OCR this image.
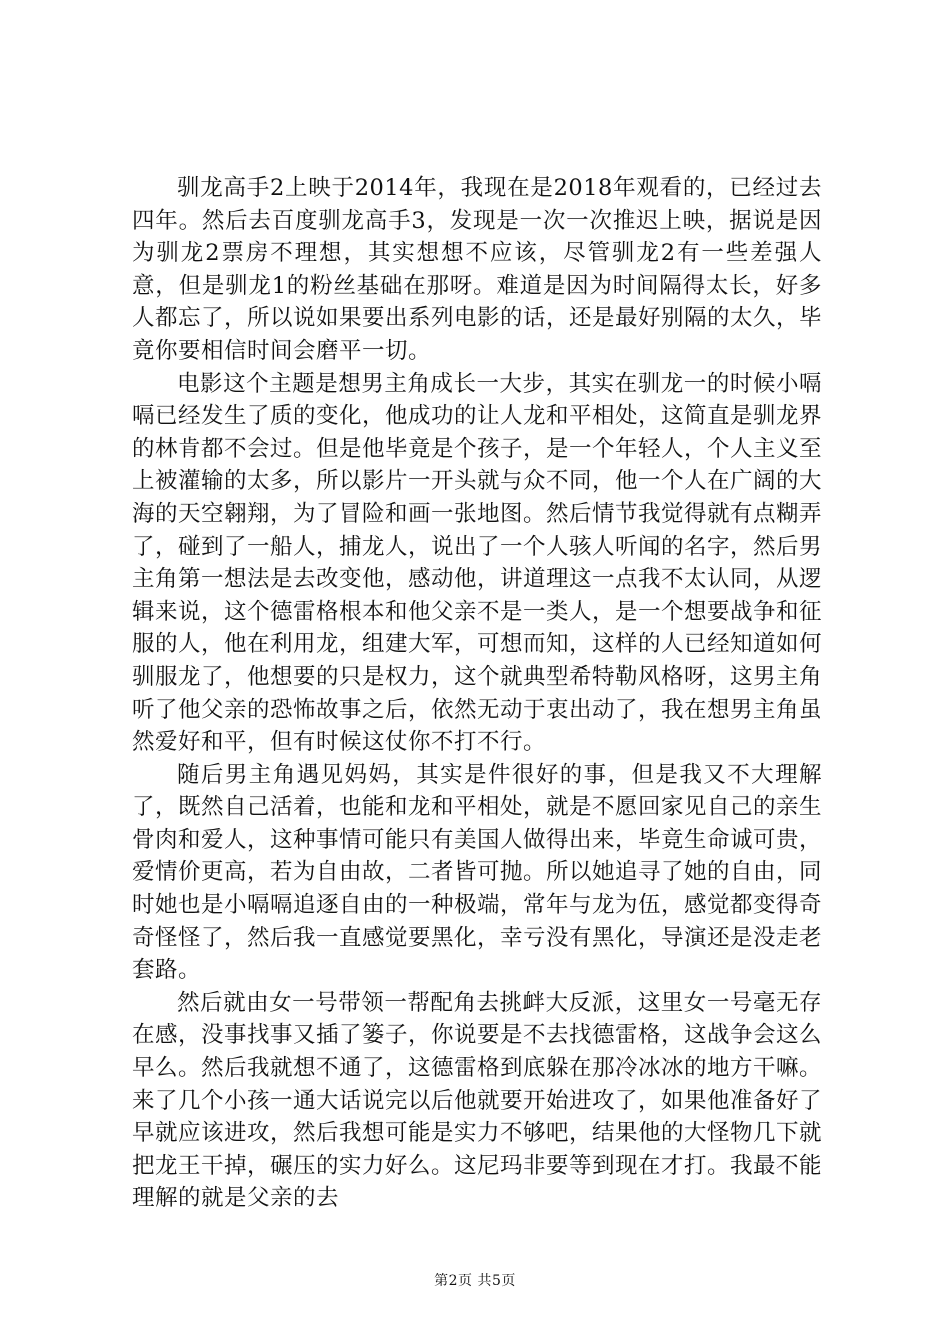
驯龙高手2上映于2014年，我现在是2018年观看的，已经过去四年。然后去百度驯龙高手3，发现是一次一次推迟上映，据说是因为驯龙2票房不理想，其实想想不应该，尽管驯龙2有一些差强人意，但是驯龙1的粉丝基础在那呀。难道是因为时间隔得太长，好多人都忘了，所以说如果要出系列电影的话，还是最好别隔的太久，毕竟你要相信时间会磨平一切。

电影这个主题是想男主角成长一大步，其实在驯龙一的时候小嗝嗝已经发生了质的变化，他成功的让人龙和平相处，这简直是驯龙界的林肯都不会过。但是他毕竟是个孩子，是一个年轻人，个人主义至上被灌输的太多，所以影片一开头就与众不同，他一个人在广阔的大海的天空翱翔，为了冒险和画一张地图。然后情节我觉得就有点糊弄了，碰到了一船人，捕龙人，说出了一个人骇人听闻的名字，然后男主角第一想法是去改变他，感动他，讲道理这一点我不太认同，从逻辑来说，这个德雷格根本和他父亲不是一类人，是一个想要战争和征服的人，他在利用龙，组建大军，可想而知，这样的人已经知道如何驯服龙了，他想要的只是权力，这个就典型希特勒风格呀，这男主角听了他父亲的恐怖故事之后，依然无动于衷出动了，我在想男主角虽然爱好和平，但有时候这仗你不打不行。

随后男主角遇见妈妈，其实是件很好的事，但是我又不大理解了，既然自己活着，也能和龙和平相处，就是不愿回家见自己的亲生骨肉和爱人，这种事情可能只有美国人做得出来，毕竟生命诚可贵，爱情价更高，若为自由故，二者皆可抛。所以她追寻了她的自由，同时她也是小嗝嗝追逐自由的一种极端，常年与龙为伍，感觉都变得奇奇怪怪了，然后我一直感觉要黑化，幸亏没有黑化，导演还是没走老套路。

然后就由女一号带领一帮配角去挑衅大反派，这里女一号毫无存在感，没事找事又插了篓子，你说要是不去找德雷格，这战争会这么早么。然后我就想不通了，这德雷格到底躲在那冷冰冰的地方干嘛。来了几个小孩一通大话说完以后他就要开始进攻了，如果他准备好了早就应该进攻，然后我想可能是实力不够吧，结果他的大怪物几下就把龙王干掉，碾压的实力好么。这尼玛非要等到现在才打。我最不能理解的就是父亲的去

第2页 共5页
